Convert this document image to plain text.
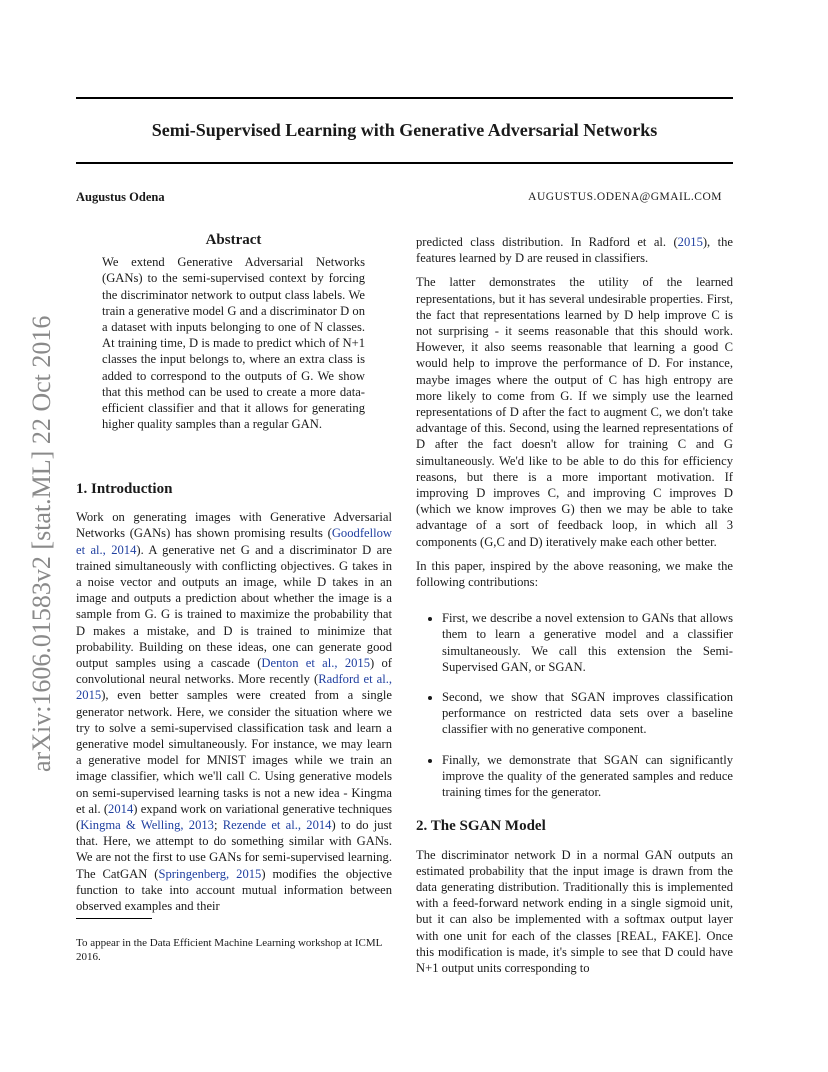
Semi-Supervised Learning with Generative Adversarial Networks
Augustus Odena	AUGUSTUS.ODENA@GMAIL.COM
arXiv:1606.01583v2 [stat.ML] 22 Oct 2016
Abstract
We extend Generative Adversarial Networks (GANs) to the semi-supervised context by forcing the discriminator network to output class labels. We train a generative model G and a discriminator D on a dataset with inputs belonging to one of N classes. At training time, D is made to predict which of N+1 classes the input belongs to, where an extra class is added to correspond to the outputs of G. We show that this method can be used to create a more data-efficient classifier and that it allows for generating higher quality samples than a regular GAN.
1. Introduction

Work on generating images with Generative Adversarial Networks (GANs) has shown promising results (Goodfellow et al., 2014). A generative net G and a discriminator D are trained simultaneously with conflicting objectives. G takes in a noise vector and outputs an image, while D takes in an image and outputs a prediction about whether the image is a sample from G. G is trained to maximize the probability that D makes a mistake, and D is trained to minimize that probability. Building on these ideas, one can generate good output samples using a cascade (Denton et al., 2015) of convolutional neural networks. More recently (Radford et al., 2015), even better samples were created from a single generator network. Here, we consider the situation where we try to solve a semi-supervised classification task and learn a generative model simultaneously. For instance, we may learn a generative model for MNIST images while we train an image classifier, which we'll call C. Using generative models on semi-supervised learning tasks is not a new idea - Kingma et al. (2014) expand work on variational generative techniques (Kingma & Welling, 2013; Rezende et al., 2014) to do just that. Here, we attempt to do something similar with GANs. We are not the first to use GANs for semi-supervised learning. The CatGAN (Springenberg, 2015) modifies the objective function to take into account mutual information between observed examples and their

To appear in the Data Efficient Machine Learning workshop at ICML 2016.

predicted class distribution. In Radford et al. (2015), the features learned by D are reused in classifiers.

The latter demonstrates the utility of the learned representations, but it has several undesirable properties. First, the fact that representations learned by D help improve C is not surprising - it seems reasonable that this should work. However, it also seems reasonable that learning a good C would help to improve the performance of D. For instance, maybe images where the output of C has high entropy are more likely to come from G. If we simply use the learned representations of D after the fact to augment C, we don't take advantage of this. Second, using the learned representations of D after the fact doesn't allow for training C and G simultaneously. We'd like to be able to do this for efficiency reasons, but there is a more important motivation. If improving D improves C, and improving C improves D (which we know improves G) then we may be able to take advantage of a sort of feedback loop, in which all 3 components (G,C and D) iteratively make each other better.

In this paper, inspired by the above reasoning, we make the following contributions:

• First, we describe a novel extension to GANs that allows them to learn a generative model and a classifier simultaneously. We call this extension the Semi-Supervised GAN, or SGAN.
• Second, we show that SGAN improves classification performance on restricted data sets over a baseline classifier with no generative component.
• Finally, we demonstrate that SGAN can significantly improve the quality of the generated samples and reduce training times for the generator.
2. The SGAN Model

The discriminator network D in a normal GAN outputs an estimated probability that the input image is drawn from the data generating distribution. Traditionally this is implemented with a feed-forward network ending in a single sigmoid unit, but it can also be implemented with a softmax output layer with one unit for each of the classes [REAL, FAKE]. Once this modification is made, it's simple to see that D could have N+1 output units corresponding to
